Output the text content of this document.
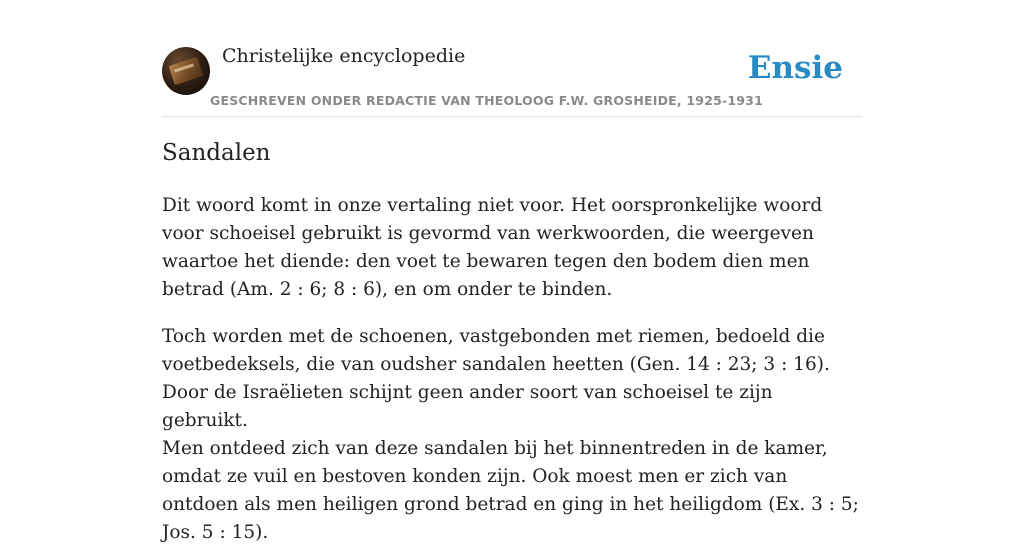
Christelijke encyclopedie
GESCHREVEN ONDER REDACTIE VAN THEOLOOG F.W. GROSHEIDE, 1925-1931
Ensie
Sandalen

Dit woord komt in onze vertaling niet voor. Het oorspronkelijke woord voor schoeisel gebruikt is gevormd van werkwoorden, die weergeven waartoe het diende: den voet te bewaren tegen den bodem dien men betrad (Am. 2 : 6; 8 : 6), en om onder te binden.

Toch worden met de schoenen, vastgebonden met riemen, bedoeld die voetbedeksels, die van oudsher sandalen heetten (Gen. 14 : 23; 3 : 16). Door de Israëlieten schijnt geen ander soort van schoeisel te zijn gebruikt.

Men ontdeed zich van deze sandalen bij het binnentreden in de kamer, omdat ze vuil en bestoven konden zijn. Ook moest men er zich van ontdoen als men heiligen grond betrad en ging in het heiligdom (Ex. 3 : 5; Jos. 5 : 15).
